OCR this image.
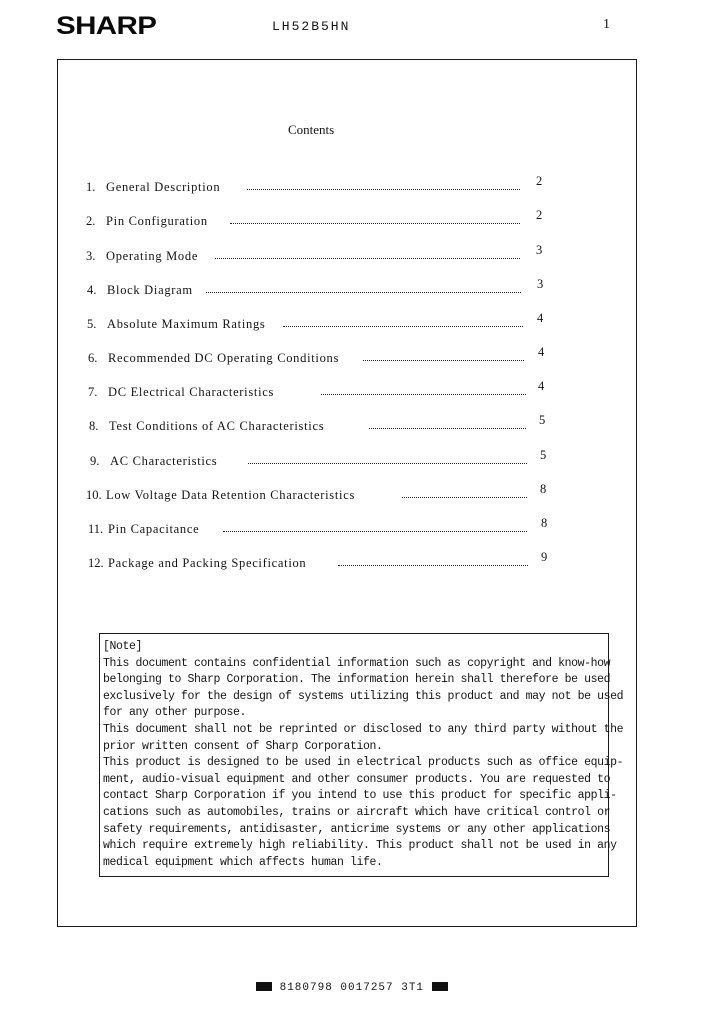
SHARP	LH52B5HN	1
Contents
1. General Description	2
2. Pin Configuration	2
3. Operating Mode	3
4. Block Diagram	3
5. Absolute Maximum Ratings	4
6. Recommended DC Operating Conditions	4
7. DC Electrical Characteristics	4
8. Test Conditions of AC Characteristics	5
9. AC Characteristics	5
10. Low Voltage Data Retention Characteristics	8
11. Pin Capacitance	8
12. Package and Packing Specification	9
[Note]
This document contains confidential information such as copyright and know-how
belonging to Sharp Corporation. The information herein shall therefore be used
exclusively for the design of systems utilizing this product and may not be used
for any other purpose.
This document shall not be reprinted or disclosed to any third party without the
prior written consent of Sharp Corporation.
This product is designed to be used in electrical products such as office equip-
ment, audio-visual equipment and other consumer products. You are requested to
contact Sharp Corporation if you intend to use this product for specific appli-
cations such as automobiles, trains or aircraft which have critical control or
safety requirements, antidisaster, anticrime systems or any other applications
which require extremely high reliability. This product shall not be used in any
medical equipment which affects human life.
8180798 0017257 3T1
